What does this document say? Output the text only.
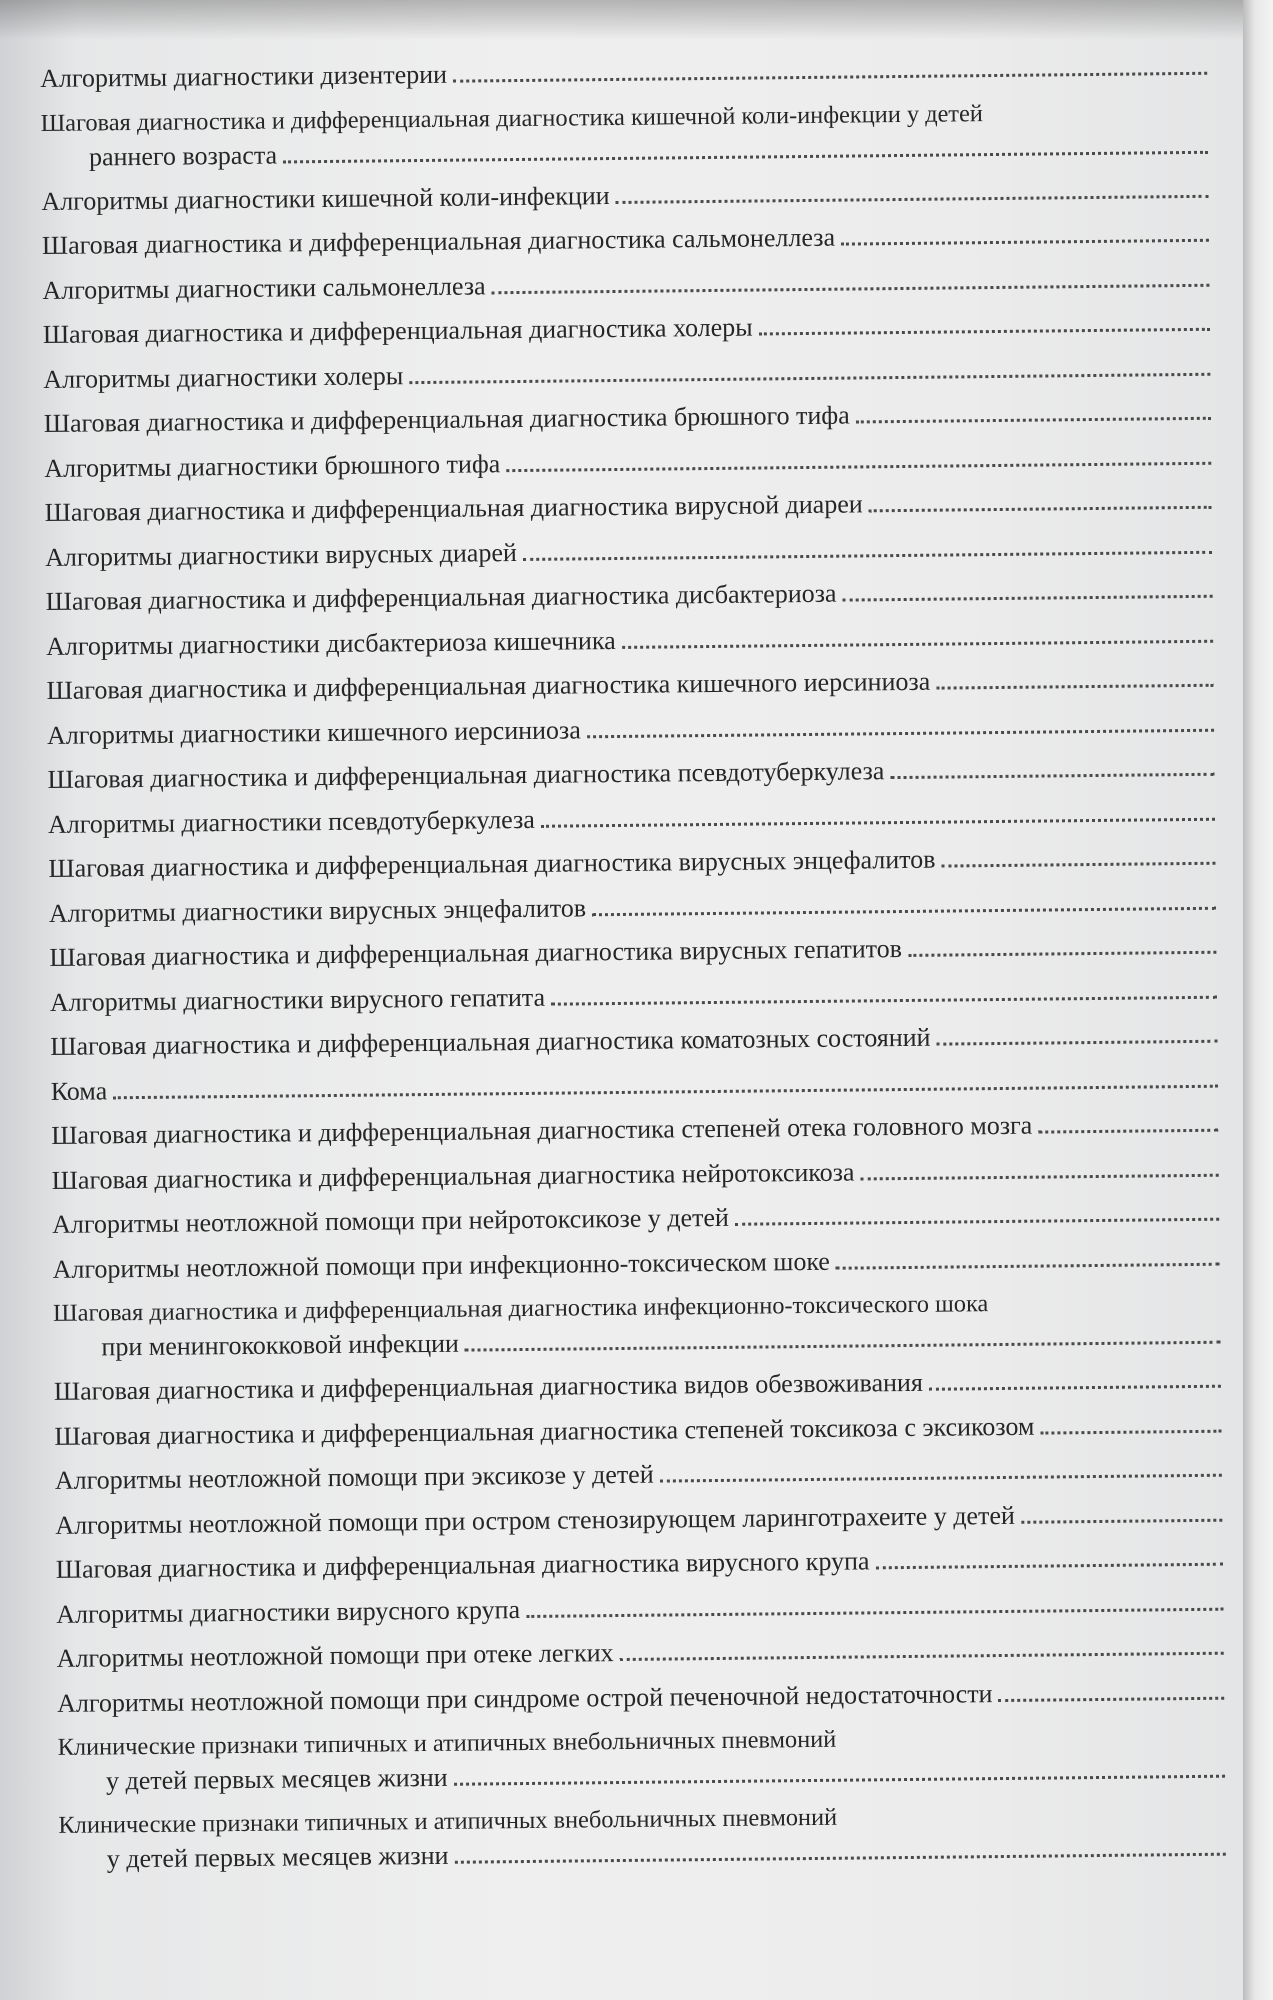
Алгоритмы диагностики дизентерии
Шаговая диагностика и дифференциальная диагностика кишечной коли-инфекции у детей
раннего возраста
Алгоритмы диагностики кишечной коли-инфекции
Шаговая диагностика и дифференциальная диагностика сальмонеллеза
Алгоритмы диагностики сальмонеллеза
Шаговая диагностика и дифференциальная диагностика холеры
Алгоритмы диагностики холеры
Шаговая диагностика и дифференциальная диагностика брюшного тифа
Алгоритмы диагностики брюшного тифа
Шаговая диагностика и дифференциальная диагностика вирусной диареи
Алгоритмы диагностики вирусных диарей
Шаговая диагностика и дифференциальная диагностика дисбактериоза
Алгоритмы диагностики дисбактериоза кишечника
Шаговая диагностика и дифференциальная диагностика кишечного иерсиниоза
Алгоритмы диагностики кишечного иерсиниоза
Шаговая диагностика и дифференциальная диагностика псевдотуберкулеза
Алгоритмы диагностики псевдотуберкулеза
Шаговая диагностика и дифференциальная диагностика вирусных энцефалитов
Алгоритмы диагностики вирусных энцефалитов
Шаговая диагностика и дифференциальная диагностика вирусных гепатитов
Алгоритмы диагностики вирусного гепатита
Шаговая диагностика и дифференциальная диагностика коматозных состояний
Кома
Шаговая диагностика и дифференциальная диагностика степеней отека головного мозга
Шаговая диагностика и дифференциальная диагностика нейротоксикоза
Алгоритмы неотложной помощи при нейротоксикозе у детей
Алгоритмы неотложной помощи при инфекционно-токсическом шоке
Шаговая диагностика и дифференциальная диагностика инфекционно-токсического шока
при менингококковой инфекции
Шаговая диагностика и дифференциальная диагностика видов обезвоживания
Шаговая диагностика и дифференциальная диагностика степеней токсикоза с эксикозом
Алгоритмы неотложной помощи при эксикозе у детей
Алгоритмы неотложной помощи при остром стенозирующем ларинготрахеите у детей
Шаговая диагностика и дифференциальная диагностика вирусного крупа
Алгоритмы диагностики вирусного крупа
Алгоритмы неотложной помощи при отеке легких
Алгоритмы неотложной помощи при синдроме острой печеночной недостаточности
Клинические признаки типичных и атипичных внебольничных пневмоний
у детей первых месяцев жизни
Клинические признаки типичных и атипичных внебольничных пневмоний
у детей первых месяцев жизни
